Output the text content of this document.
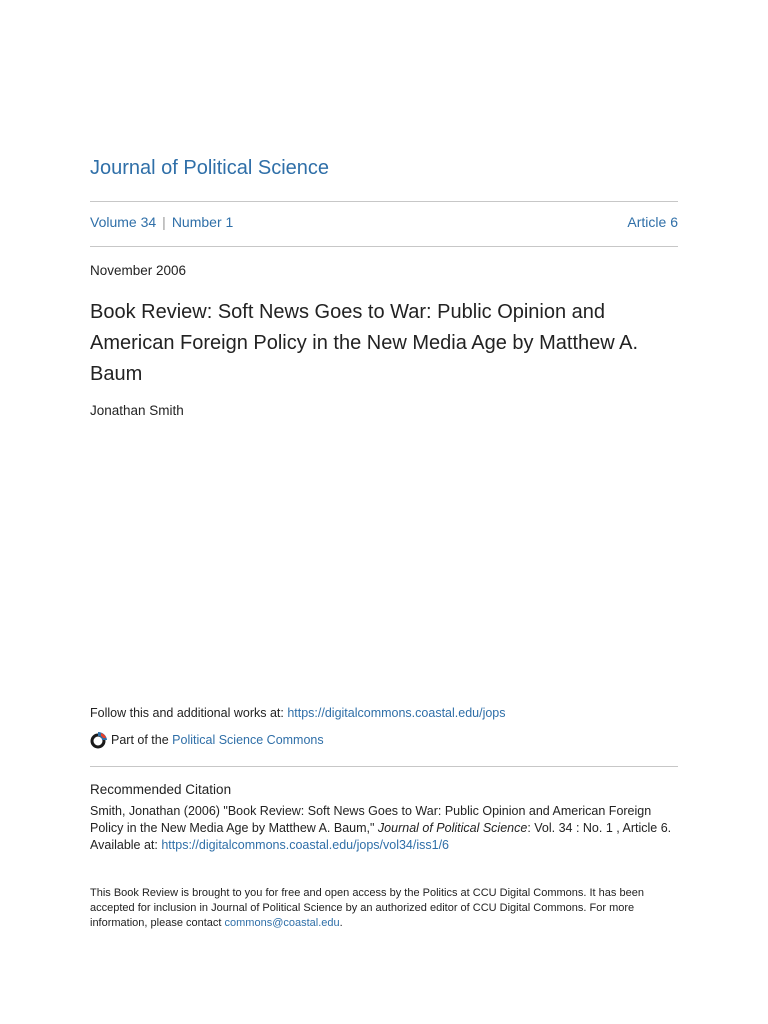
Journal of Political Science
Volume 34 | Number 1	Article 6
November 2006
Book Review: Soft News Goes to War: Public Opinion and American Foreign Policy in the New Media Age by Matthew A. Baum
Jonathan Smith
Follow this and additional works at: https://digitalcommons.coastal.edu/jops
Part of the
Political Science Commons
Recommended Citation
Smith, Jonathan (2006) "Book Review: Soft News Goes to War: Public Opinion and American Foreign Policy in the New Media Age by Matthew A. Baum," Journal of Political Science: Vol. 34 : No. 1 , Article 6.
Available at: https://digitalcommons.coastal.edu/jops/vol34/iss1/6
This Book Review is brought to you for free and open access by the Politics at CCU Digital Commons. It has been accepted for inclusion in Journal of Political Science by an authorized editor of CCU Digital Commons. For more information, please contact commons@coastal.edu.
